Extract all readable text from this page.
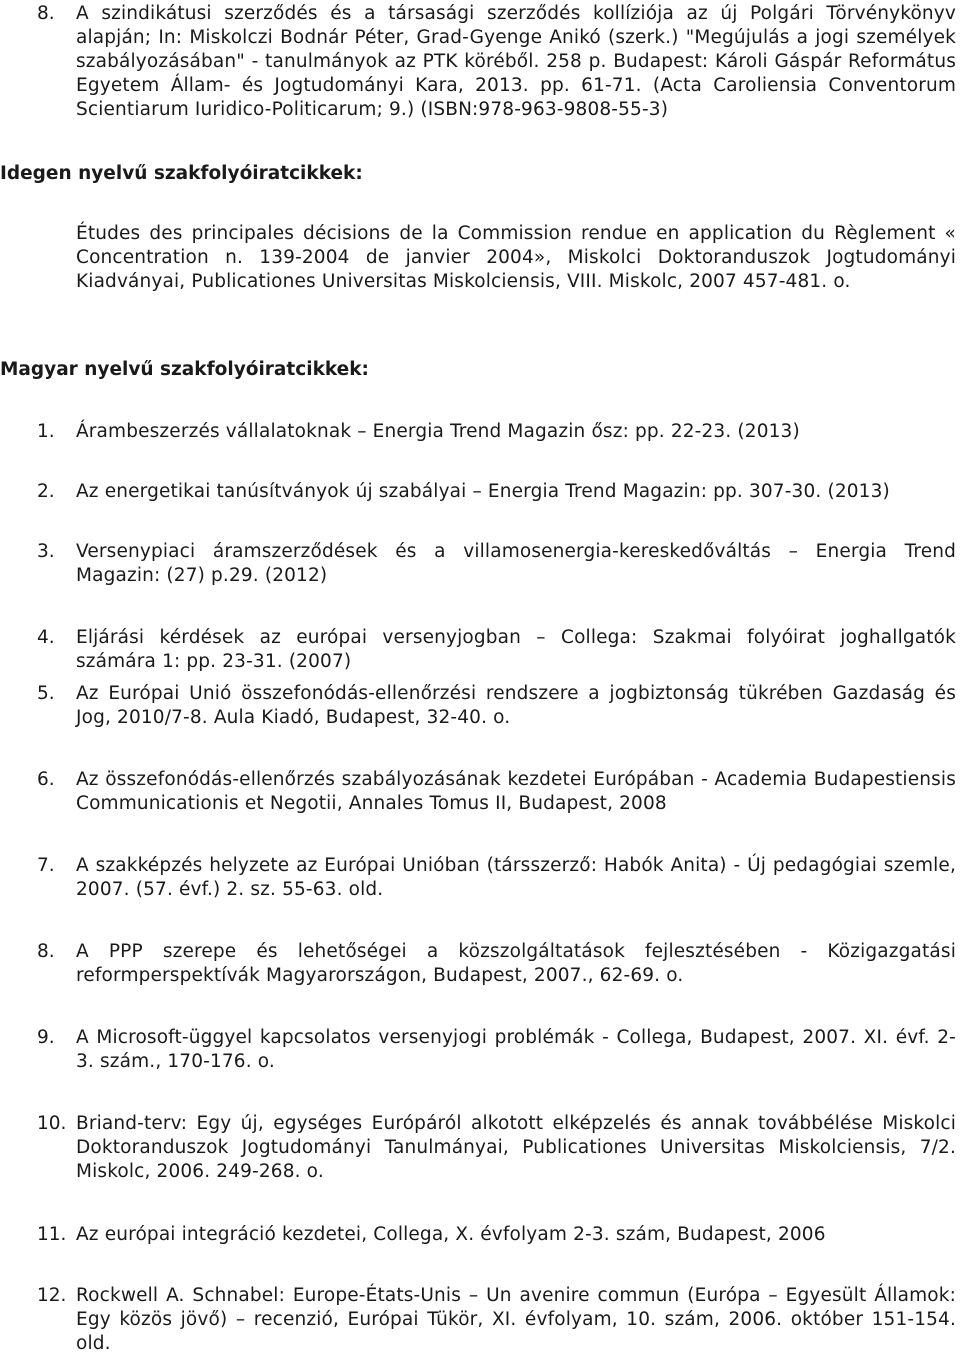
8.	A szindikátusi szerződés és a társasági szerződés kollíziója az új Polgári Törvénykönyv alapján; In: Miskolczi Bodnár Péter, Grad-Gyenge Anikó (szerk.) "Megújulás a jogi személyek szabályozásában" - tanulmányok az PTK köréből. 258 p. Budapest: Károli Gáspár Református Egyetem Állam- és Jogtudományi Kara, 2013. pp. 61-71. (Acta Caroliensia Conventorum Scientiarum Iuridico-Politicarum; 9.) (ISBN:978-963-9808-55-3)
Idegen nyelvű szakfolyóiratcikkek:
Études des principales décisions de la Commission rendue en application du Règlement « Concentration n. 139-2004 de janvier 2004», Miskolci Doktoranduszok Jogtudományi Kiadványai, Publicationes Universitas Miskolciensis, VIII. Miskolc, 2007 457-481. o.
Magyar nyelvű szakfolyóiratcikkek:
1.	Árambeszerzés vállalatoknak – Energia Trend Magazin ősz: pp. 22-23. (2013)
2.	Az energetikai tanúsítványok új szabályai – Energia Trend Magazin: pp. 307-30. (2013)
3.	Versenypiaci áramszerződések és a villamosenergia-kereskedőváltás – Energia Trend Magazin: (27) p.29. (2012)
4.	Eljárási kérdések az európai versenyjogban – Collega: Szakmai folyóirat joghallgatók számára 1: pp. 23-31. (2007)
5.	Az Európai Unió összefonódás-ellenőrzési rendszere a jogbiztonság tükrében Gazdaság és Jog, 2010/7-8. Aula Kiadó, Budapest, 32-40. o.
6.	Az összefonódás-ellenőrzés szabályozásának kezdetei Európában - Academia Budapestiensis Communicationis et Negotii, Annales Tomus II, Budapest, 2008
7.	A szakképzés helyzete az Európai Unióban (társszerző: Habók Anita) - Új pedagógiai szemle, 2007. (57. évf.) 2. sz. 55-63. old.
8.	A PPP szerepe és lehetőségei a közszolgáltatások fejlesztésében - Közigazgatási reformperspektívák Magyarországon, Budapest, 2007., 62-69. o.
9.	A Microsoft-üggyel kapcsolatos versenyjogi problémák - Collega, Budapest, 2007. XI. évf. 2-3. szám., 170-176. o.
10. Briand-terv: Egy új, egységes Európáról alkotott elképzelés és annak továbbélése Miskolci Doktoranduszok Jogtudományi Tanulmányai, Publicationes Universitas Miskolciensis, 7/2. Miskolc, 2006. 249-268. o.
11. Az európai integráció kezdetei, Collega, X. évfolyam 2-3. szám, Budapest, 2006
12. Rockwell A. Schnabel: Europe-États-Unis – Un avenire commun (Európa – Egyesült Államok: Egy közös jövő) – recenzió, Európai Tükör, XI. évfolyam, 10. szám, 2006. október 151-154. old.
